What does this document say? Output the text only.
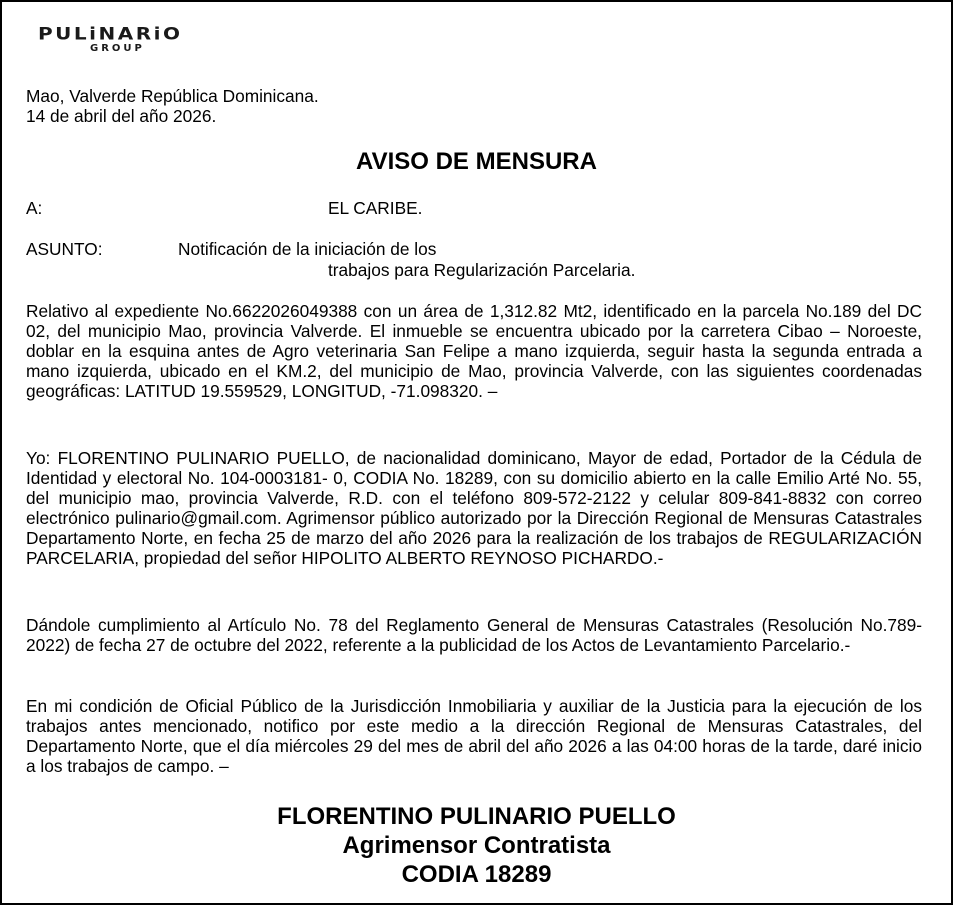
PULiNARiO
GROUP
Mao, Valverde República Dominicana.
14 de abril del año 2026.
AVISO DE MENSURA
A:	EL CARIBE.
ASUNTO:	Notificación de la iniciación de los
trabajos para Regularización Parcelaria.

Relativo al expediente No.6622026049388 con un área de 1,312.82 Mt2, identificado en la parcela No.189 del DC 02, del municipio Mao, provincia Valverde. El inmueble se encuentra ubicado por la carretera Cibao – Noroeste, doblar en la esquina antes de Agro veterinaria San Felipe a mano izquierda, seguir hasta la segunda entrada a mano izquierda, ubicado en el KM.2, del municipio de Mao, provincia Valverde, con las siguientes coordenadas geográficas: LATITUD 19.559529, LONGITUD, -71.098320. –

Yo: FLORENTINO PULINARIO PUELLO, de nacionalidad dominicano, Mayor de edad, Portador de la Cédula de Identidad y electoral No. 104-0003181- 0, CODIA No. 18289, con su domicilio abierto en la calle Emilio Arté No. 55, del municipio mao, provincia Valverde, R.D. con el teléfono 809-572-2122 y celular 809-841-8832 con correo electrónico pulinario@gmail.com. Agrimensor público autorizado por la Dirección Regional de Mensuras Catastrales Departamento Norte, en fecha 25 de marzo del año 2026 para la realización de los trabajos de REGULARIZACIÓN PARCELARIA, propiedad del señor HIPOLITO ALBERTO REYNOSO PICHARDO.-

Dándole cumplimiento al Artículo No. 78 del Reglamento General de Mensuras Catastrales (Resolución No.789-2022) de fecha 27 de octubre del 2022, referente a la publicidad de los Actos de Levantamiento Parcelario.-

En mi condición de Oficial Público de la Jurisdicción Inmobiliaria y auxiliar de la Justicia para la ejecución de los trabajos antes mencionado, notifico por este medio a la dirección Regional de Mensuras Catastrales, del Departamento Norte, que el día miércoles 29 del mes de abril del año 2026 a las 04:00 horas de la tarde, daré inicio a los trabajos de campo. –

FLORENTINO PULINARIO PUELLO
Agrimensor Contratista
CODIA 18289
